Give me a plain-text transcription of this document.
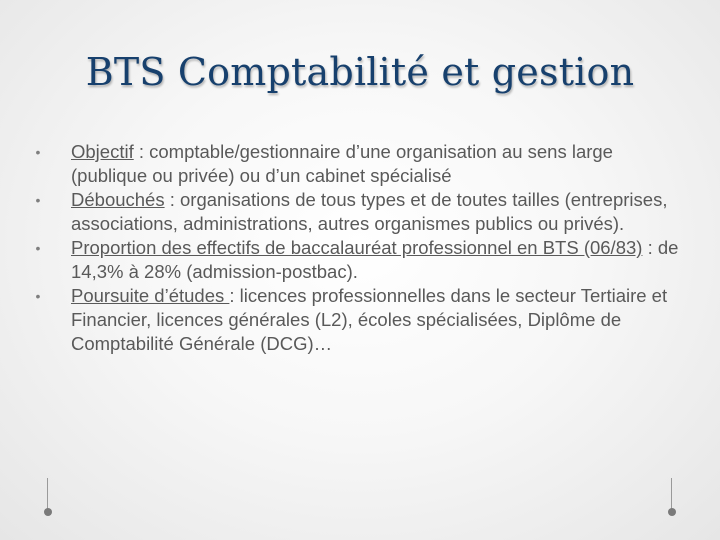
BTS Comptabilité et gestion
•	Objectif : comptable/gestionnaire d’une organisation au sens large (publique ou privée) ou d’un cabinet spécialisé
•	Débouchés : organisations de tous types et de toutes tailles (entreprises, associations, administrations, autres organismes publics ou privés).
•	Proportion des effectifs de baccalauréat professionnel en BTS (06/83) : de 14,3% à 28% (admission-postbac).
•	Poursuite d’études : licences professionnelles dans le secteur Tertiaire et Financier, licences générales (L2), écoles spécialisées, Diplôme de Comptabilité Générale (DCG)…
